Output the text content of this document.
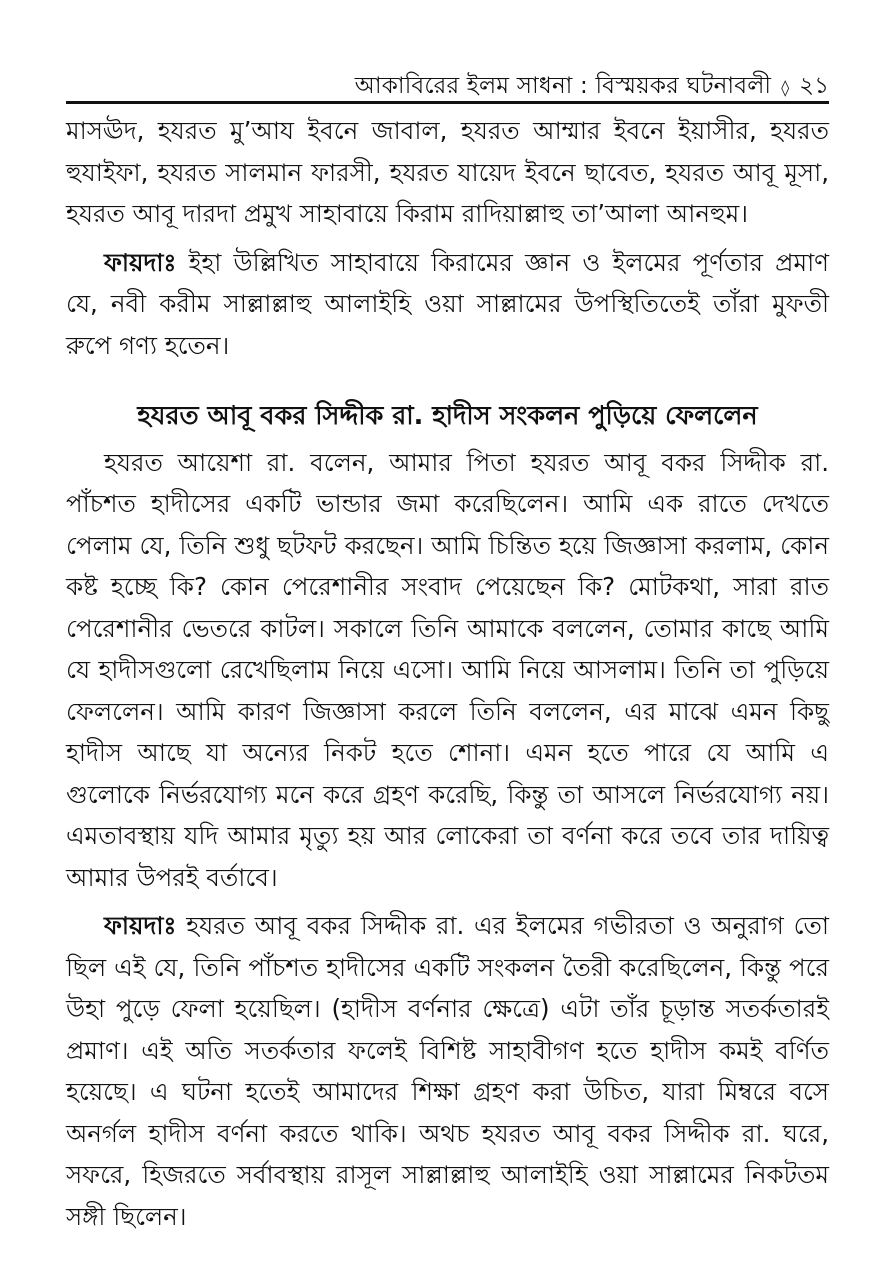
আকাবিরের ইলম সাধনা : বিস্ময়কর ঘটনাবলী ◊ ২১

মাসঊদ, হযরত মু’আয ইবনে জাবাল, হযরত আম্মার ইবনে ইয়াসীর, হযরত হুযাইফা, হযরত সালমান ফারসী, হযরত যায়েদ ইবনে ছাবেত, হযরত আবূ মূসা, হযরত আবূ দারদা প্রমুখ সাহাবায়ে কিরাম রাদিয়াল্লাহু তা’আলা আনহুম।

ফায়দাঃ ইহা উল্লিখিত সাহাবায়ে কিরামের জ্ঞান ও ইলমের পূর্ণতার প্রমাণ যে, নবী করীম সাল্লাল্লাহু আলাইহি ওয়া সাল্লামের উপস্থিতিতেই তাঁরা মুফতী রুপে গণ্য হতেন।

হযরত আবূ বকর সিদ্দীক রা. হাদীস সংকলন পুড়িয়ে ফেললেন

হযরত আয়েশা রা. বলেন, আমার পিতা হযরত আবূ বকর সিদ্দীক রা. পাঁচশত হাদীসের একটি ভান্ডার জমা করেছিলেন। আমি এক রাতে দেখতে পেলাম যে, তিনি শুধু ছটফট করছেন। আমি চিন্তিত হয়ে জিজ্ঞাসা করলাম, কোন কষ্ট হচ্ছে কি? কোন পেরেশানীর সংবাদ পেয়েছেন কি? মোটকথা, সারা রাত পেরেশানীর ভেতরে কাটল। সকালে তিনি আমাকে বললেন, তোমার কাছে আমি যে হাদীসগুলো রেখেছিলাম নিয়ে এসো। আমি নিয়ে আসলাম। তিনি তা পুড়িয়ে ফেললেন। আমি কারণ জিজ্ঞাসা করলে তিনি বললেন, এর মাঝে এমন কিছু হাদীস আছে যা অন্যের নিকট হতে শোনা। এমন হতে পারে যে আমি এ গুলোকে নির্ভরযোগ্য মনে করে গ্রহণ করেছি, কিন্তু তা আসলে নির্ভরযোগ্য নয়। এমতাবস্থায় যদি আমার মৃত্যু হয় আর লোকেরা তা বর্ণনা করে তবে তার দায়িত্ব আমার উপরই বর্তাবে।

ফায়দাঃ হযরত আবূ বকর সিদ্দীক রা. এর ইলমের গভীরতা ও অনুরাগ তো ছিল এই যে, তিনি পাঁচশত হাদীসের একটি সংকলন তৈরী করেছিলেন, কিন্তু পরে উহা পুড়ে ফেলা হয়েছিল। (হাদীস বর্ণনার ক্ষেত্রে) এটা তাঁর চূড়ান্ত সতর্কতারই প্রমাণ। এই অতি সতর্কতার ফলেই বিশিষ্ট সাহাবীগণ হতে হাদীস কমই বর্ণিত হয়েছে। এ ঘটনা হতেই আমাদের শিক্ষা গ্রহণ করা উচিত, যারা মিম্বরে বসে অনর্গল হাদীস বর্ণনা করতে থাকি। অথচ হযরত আবূ বকর সিদ্দীক রা. ঘরে, সফরে, হিজরতে সর্বাবস্থায় রাসূল সাল্লাল্লাহু আলাইহি ওয়া সাল্লামের নিকটতম সঙ্গী ছিলেন।
